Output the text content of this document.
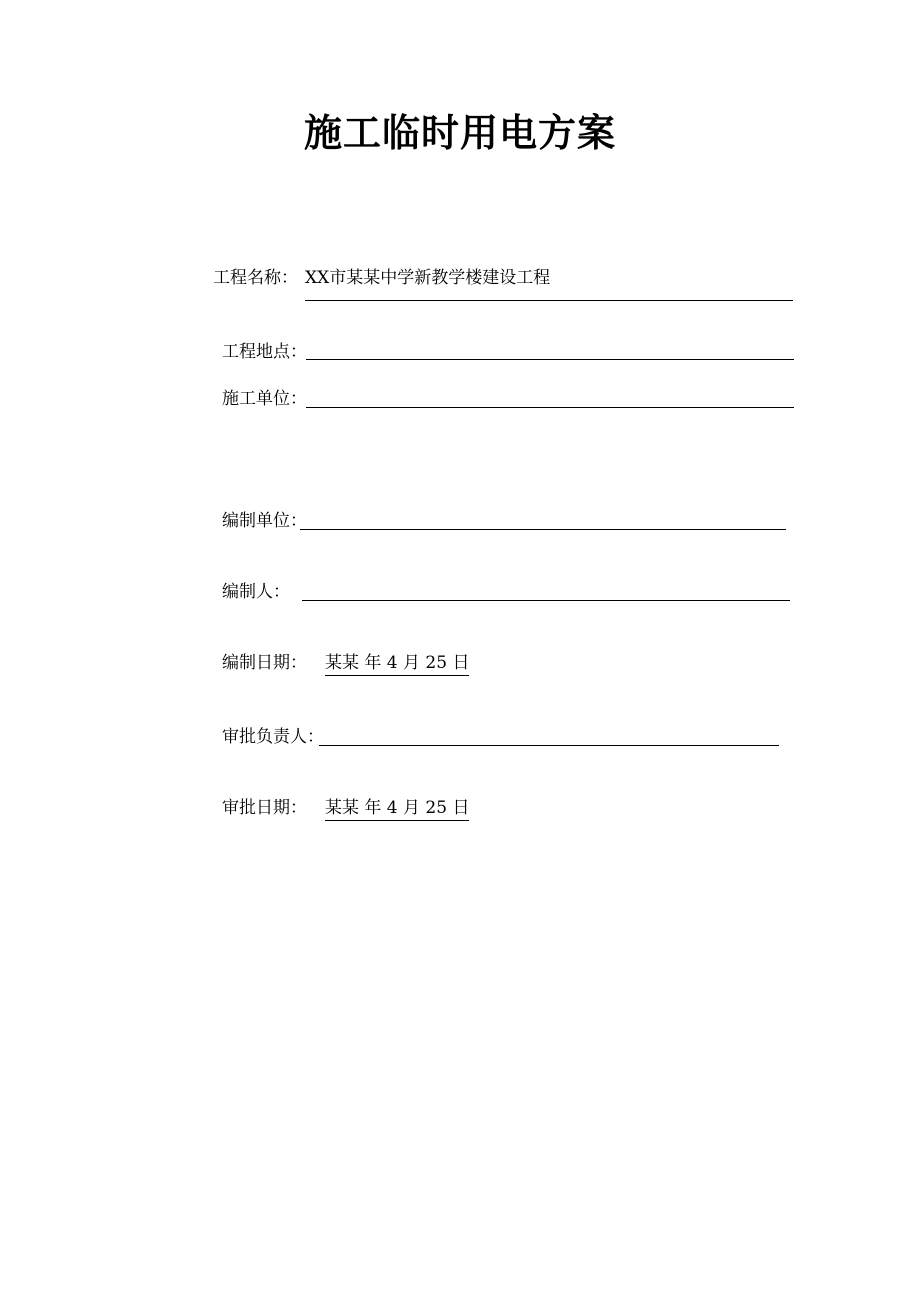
施工临时用电方案
工程名称： XX市某某中学新教学楼建设工程
工程地点：
施工单位：
编制单位：
编制人：
编制日期： 某某 年 4 月 25 日
审批负责人：
审批日期： 某某 年 4 月 25 日
